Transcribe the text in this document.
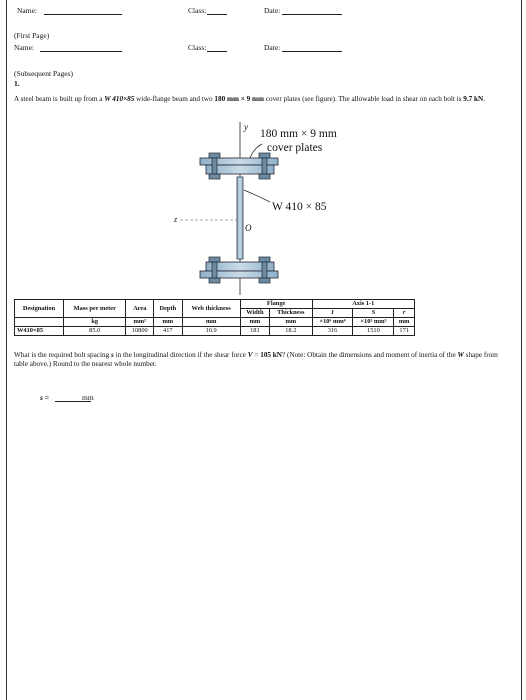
Name:	Class:	Date:
(First Page)
Name:	Class:	Date:
(Subsequent Pages)
1.
A steel beam is built up from a W 410×85 wide-flange beam and two 180 mm × 9 mm cover plates (see figure). The allowable load in shear on each bolt is 9.7 kN.
y
z
O
180 mm × 9 mm
cover plates
W 410 × 85
Designation	Mass per meter	Area	Depth	Web thickness	Flange		Axis 1-1		
					Width	Thickness	I	S	r
	kg	mm²	mm	mm	mm	mm	×10⁶ mm⁴	×10³ mm³	mm
W410×85	85.0	10800	417	10.9	181	18.2	316	1510	171
What is the required bolt spacing s in the longitudinal direction if the shear force V = 105 kN? (Note: Obtain the dimensions and moment of inertia of the W shape from table above.) Round to the nearest whole number.
s =	mm
